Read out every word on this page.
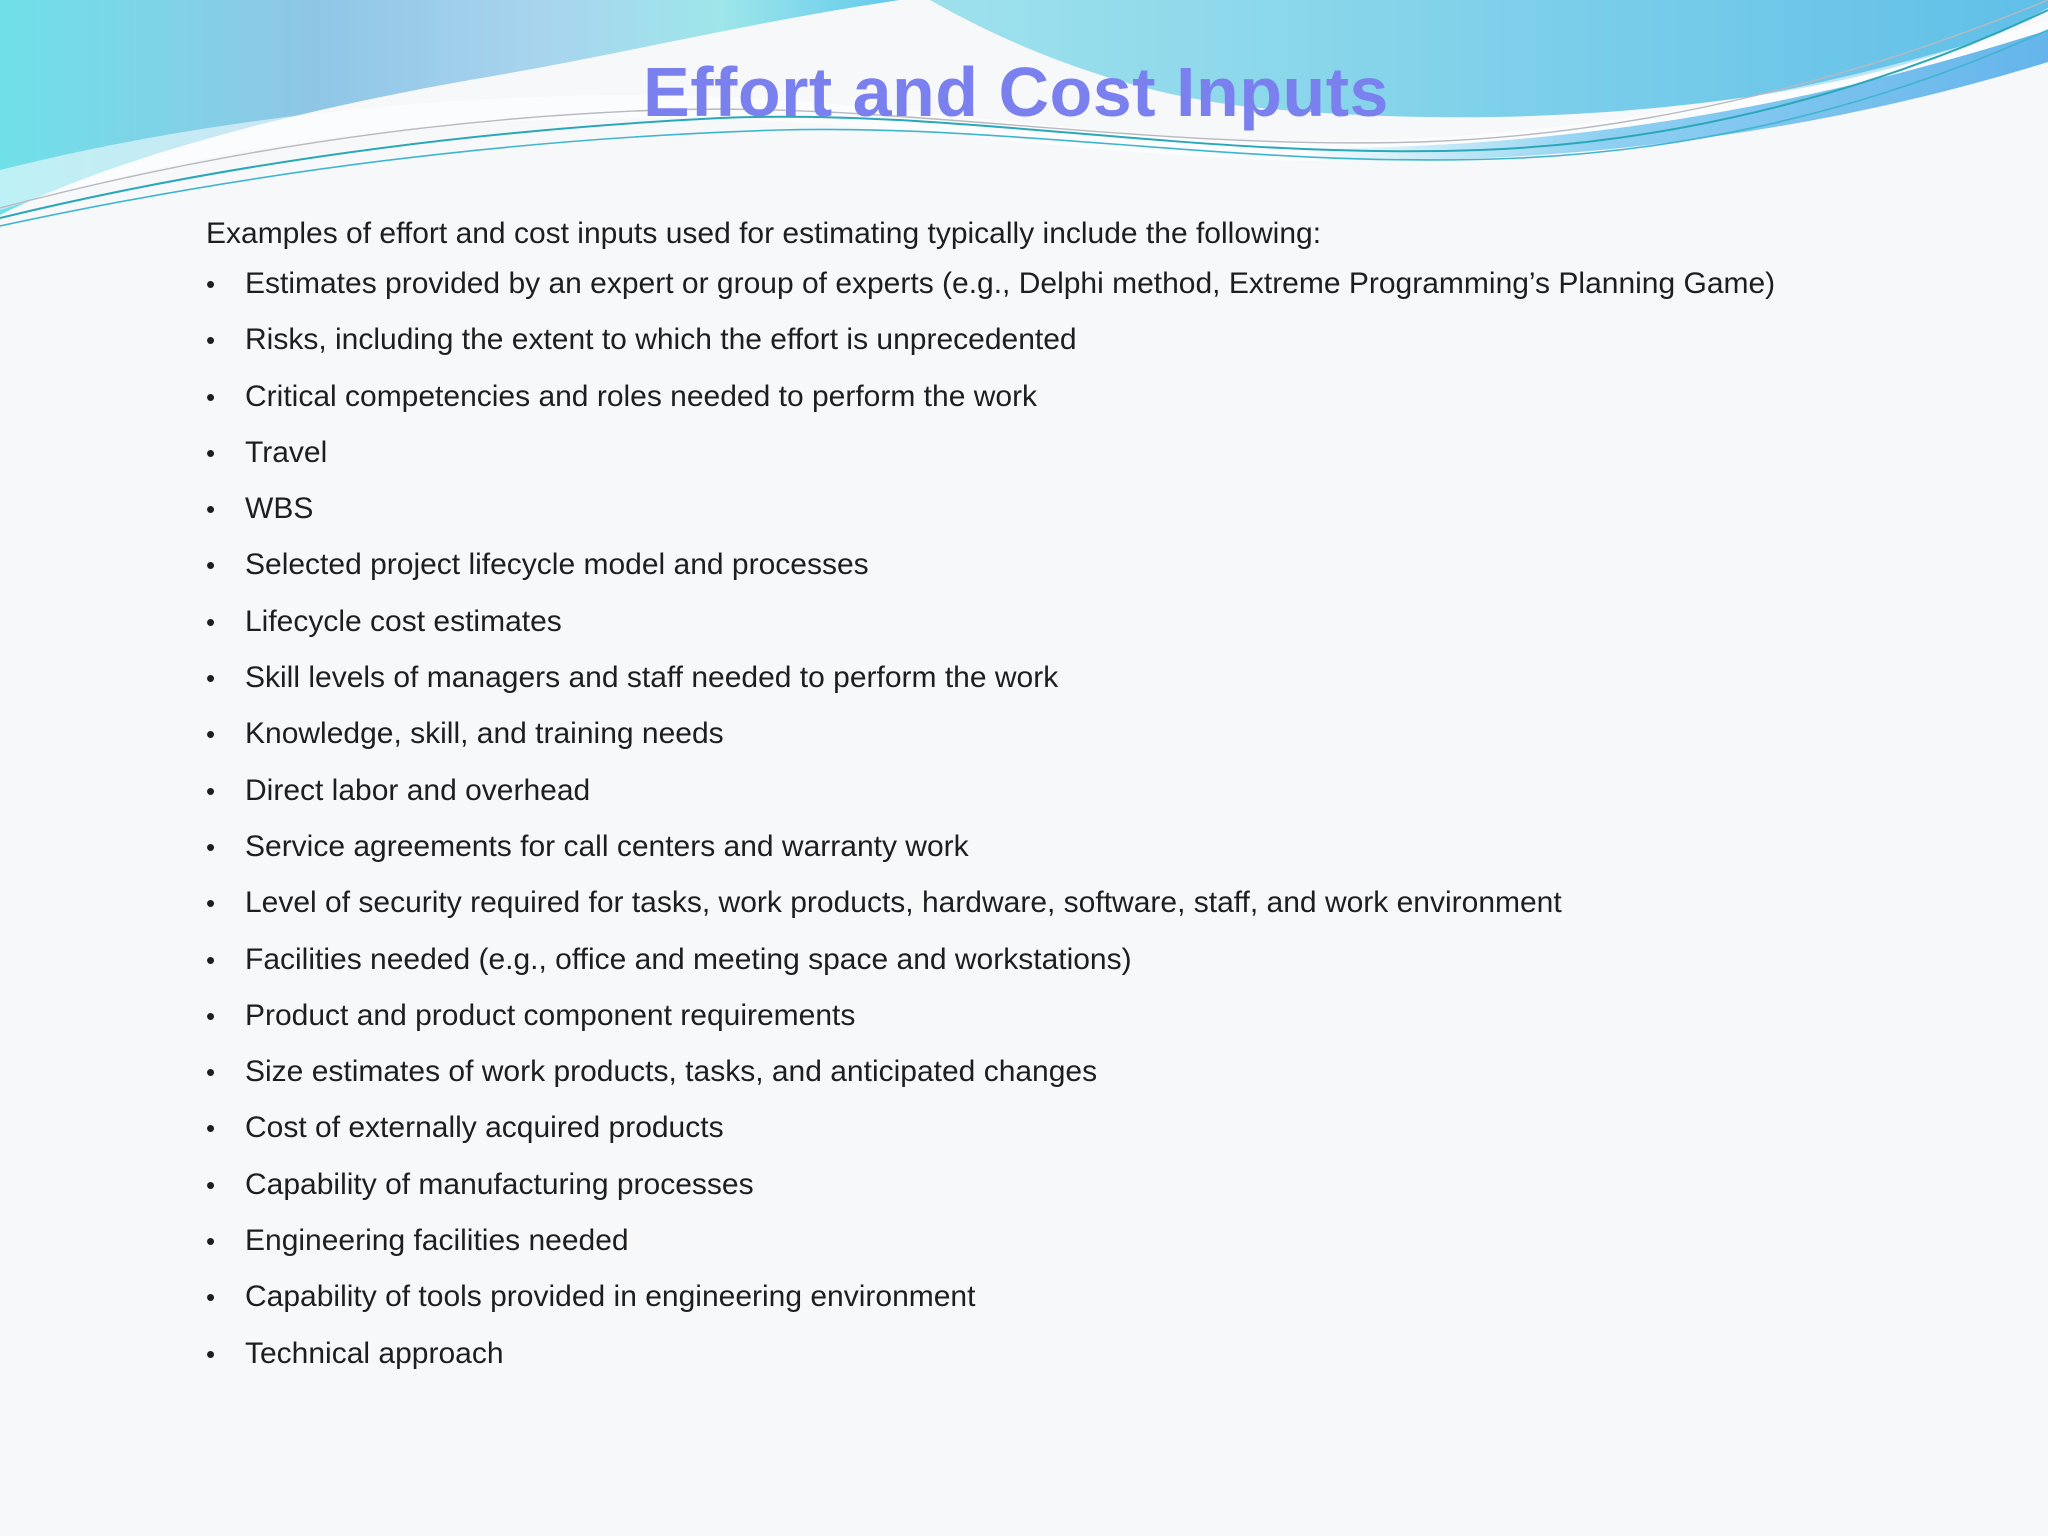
Effort and Cost Inputs

Examples of effort and cost inputs used for estimating typically include the following:

• Estimates provided by an expert or group of experts (e.g., Delphi method, Extreme Programming’s Planning Game)
• Risks, including the extent to which the effort is unprecedented
• Critical competencies and roles needed to perform the work
• Travel
• WBS
• Selected project lifecycle model and processes
• Lifecycle cost estimates
• Skill levels of managers and staff needed to perform the work
• Knowledge, skill, and training needs
• Direct labor and overhead
• Service agreements for call centers and warranty work
• Level of security required for tasks, work products, hardware, software, staff, and work environment
• Facilities needed (e.g., office and meeting space and workstations)
• Product and product component requirements
• Size estimates of work products, tasks, and anticipated changes
• Cost of externally acquired products
• Capability of manufacturing processes
• Engineering facilities needed
• Capability of tools provided in engineering environment
• Technical approach
